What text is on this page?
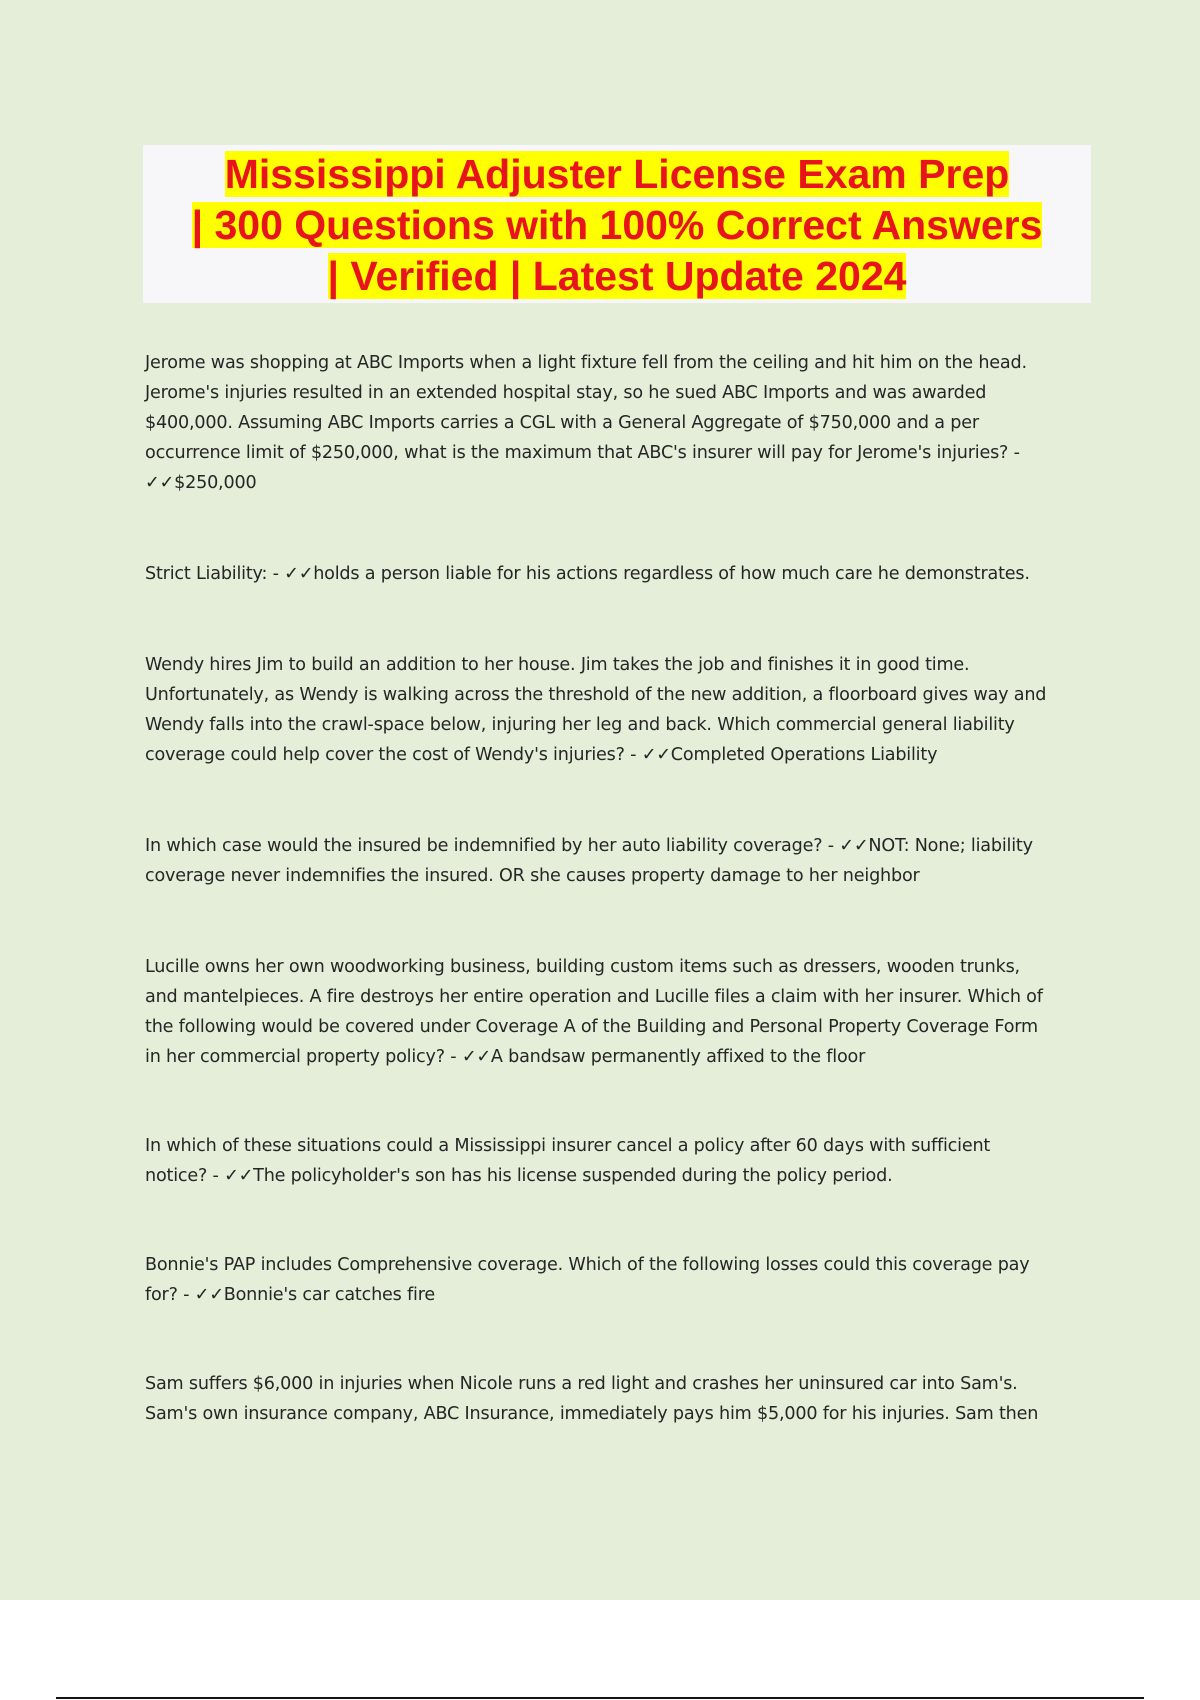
Mississippi Adjuster License Exam Prep
| 300 Questions with 100% Correct Answers
| Verified | Latest Update 2024

Jerome was shopping at ABC Imports when a light fixture fell from the ceiling and hit him on the head.
Jerome's injuries resulted in an extended hospital stay, so he sued ABC Imports and was awarded
$400,000. Assuming ABC Imports carries a CGL with a General Aggregate of $750,000 and a per
occurrence limit of $250,000, what is the maximum that ABC's insurer will pay for Jerome's injuries? -
✓✓$250,000

Strict Liability: - ✓✓holds a person liable for his actions regardless of how much care he demonstrates.

Wendy hires Jim to build an addition to her house. Jim takes the job and finishes it in good time.
Unfortunately, as Wendy is walking across the threshold of the new addition, a floorboard gives way and
Wendy falls into the crawl-space below, injuring her leg and back. Which commercial general liability
coverage could help cover the cost of Wendy's injuries? - ✓✓Completed Operations Liability

In which case would the insured be indemnified by her auto liability coverage? - ✓✓NOT: None; liability
coverage never indemnifies the insured. OR she causes property damage to her neighbor

Lucille owns her own woodworking business, building custom items such as dressers, wooden trunks,
and mantelpieces. A fire destroys her entire operation and Lucille files a claim with her insurer. Which of
the following would be covered under Coverage A of the Building and Personal Property Coverage Form
in her commercial property policy? - ✓✓A bandsaw permanently affixed to the floor

In which of these situations could a Mississippi insurer cancel a policy after 60 days with sufficient
notice? - ✓✓The policyholder's son has his license suspended during the policy period.

Bonnie's PAP includes Comprehensive coverage. Which of the following losses could this coverage pay
for? - ✓✓Bonnie's car catches fire

Sam suffers $6,000 in injuries when Nicole runs a red light and crashes her uninsured car into Sam's.
Sam's own insurance company, ABC Insurance, immediately pays him $5,000 for his injuries. Sam then
